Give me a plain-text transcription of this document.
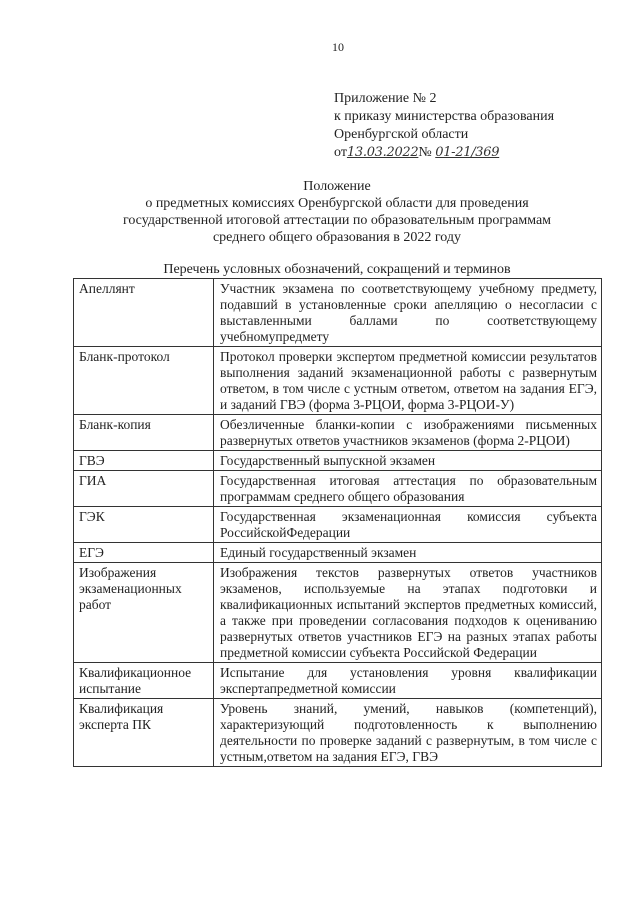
10
Приложение № 2
к приказу министерства образования
Оренбургской области
от13.03.2022№ 01-21/369
Положение
о предметных комиссиях Оренбургской области для проведения
государственной итоговой аттестации по образовательным программам
среднего общего образования в 2022 году
Перечень условных обозначений, сокращений и терминов
Апеллянт	Участник экзамена по соответствующему учебному предмету, подавший в установленные сроки апелляцию о несогласии с выставленными баллами по соответствующему учебномупредмету
Бланк-протокол	Протокол проверки экспертом предметной комиссии результатов выполнения заданий экзаменационной работы с развернутым ответом, в том числе с устным ответом, ответом на задания ЕГЭ, и заданий ГВЭ (форма 3-РЦОИ, форма 3-РЦОИ-У)
Бланк-копия	Обезличенные бланки-копии с изображениями письменных развернутых ответов участников экзаменов (форма 2-РЦОИ)
ГВЭ	Государственный выпускной экзамен
ГИА	Государственная итоговая аттестация по образовательным программам среднего общего образования
ГЭК	Государственная экзаменационная комиссия субъекта РоссийскойФедерации
ЕГЭ	Единый государственный экзамен
Изображения экзаменационных работ	Изображения текстов развернутых ответов участников экзаменов, используемые на этапах подготовки и квалификационных испытаний экспертов предметных комиссий, а также при проведении согласования подходов к оцениванию развернутых ответов участников ЕГЭ на разных этапах работы предметной комиссии субъекта Российской Федерации
Квалификационное испытание	Испытание для установления уровня квалификации экспертапредметной комиссии
Квалификация эксперта ПК	Уровень знаний, умений, навыков (компетенций), характеризующий подготовленность к выполнению деятельности по проверке заданий с развернутым, в том числе с устным,ответом на задания ЕГЭ, ГВЭ
